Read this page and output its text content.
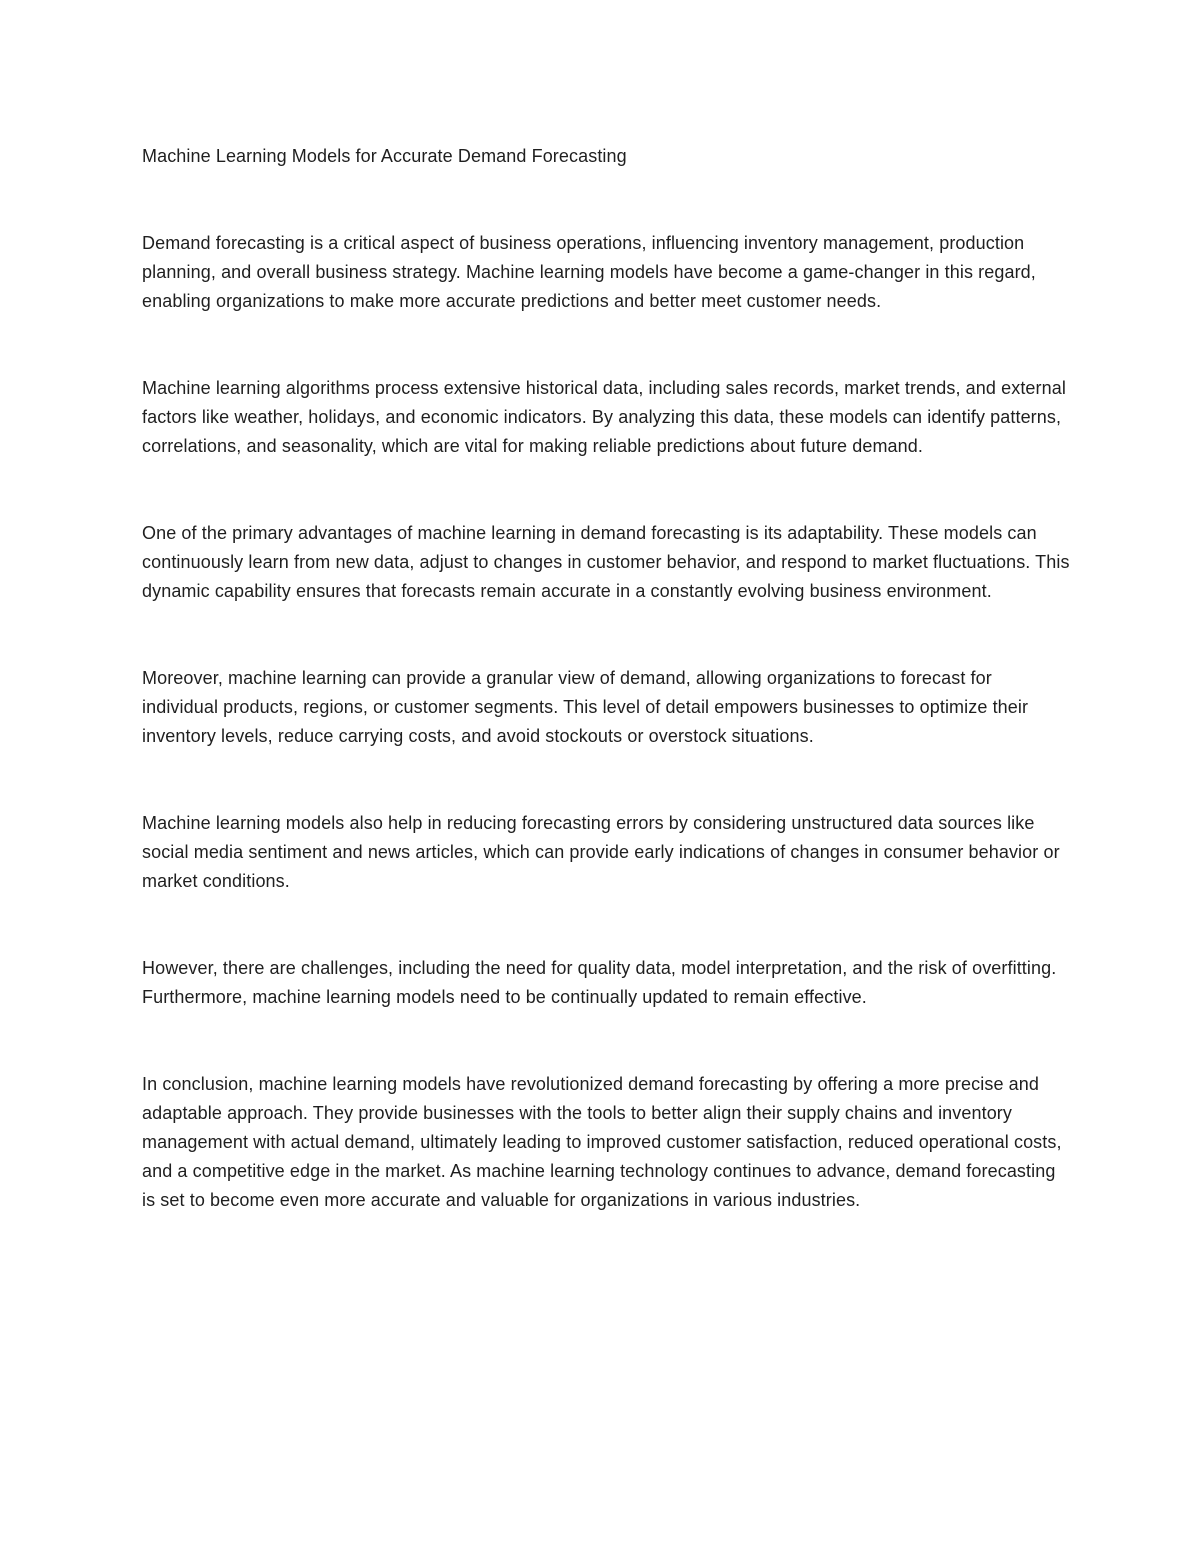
Machine Learning Models for Accurate Demand Forecasting

Demand forecasting is a critical aspect of business operations, influencing inventory management, production planning, and overall business strategy. Machine learning models have become a game-changer in this regard, enabling organizations to make more accurate predictions and better meet customer needs.

Machine learning algorithms process extensive historical data, including sales records, market trends, and external factors like weather, holidays, and economic indicators. By analyzing this data, these models can identify patterns, correlations, and seasonality, which are vital for making reliable predictions about future demand.

One of the primary advantages of machine learning in demand forecasting is its adaptability. These models can continuously learn from new data, adjust to changes in customer behavior, and respond to market fluctuations. This dynamic capability ensures that forecasts remain accurate in a constantly evolving business environment.

Moreover, machine learning can provide a granular view of demand, allowing organizations to forecast for individual products, regions, or customer segments. This level of detail empowers businesses to optimize their inventory levels, reduce carrying costs, and avoid stockouts or overstock situations.

Machine learning models also help in reducing forecasting errors by considering unstructured data sources like social media sentiment and news articles, which can provide early indications of changes in consumer behavior or market conditions.

However, there are challenges, including the need for quality data, model interpretation, and the risk of overfitting. Furthermore, machine learning models need to be continually updated to remain effective.

In conclusion, machine learning models have revolutionized demand forecasting by offering a more precise and adaptable approach. They provide businesses with the tools to better align their supply chains and inventory management with actual demand, ultimately leading to improved customer satisfaction, reduced operational costs, and a competitive edge in the market. As machine learning technology continues to advance, demand forecasting is set to become even more accurate and valuable for organizations in various industries.
